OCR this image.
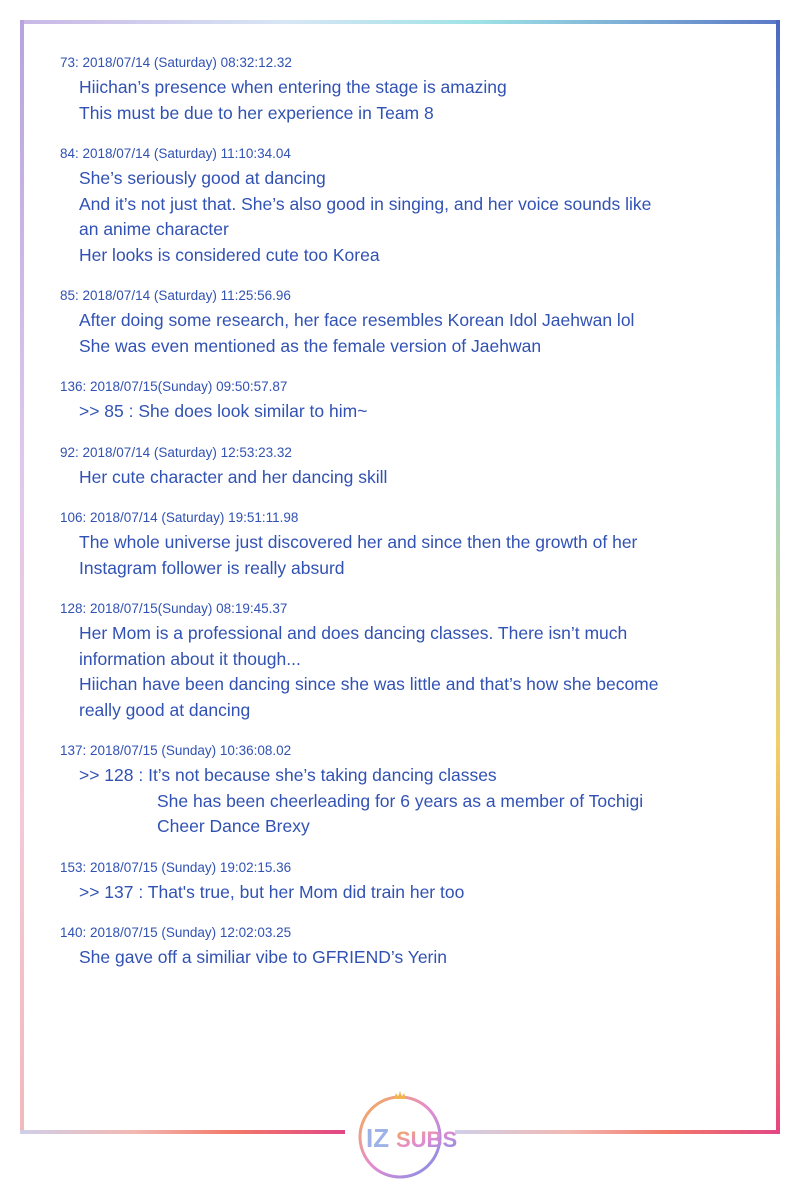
73: 2018/07/14 (Saturday) 08:32:12.32
Hiichan’s presence when entering the stage is amazing
This must be due to her experience in Team 8
84: 2018/07/14 (Saturday) 11:10:34.04
She’s seriously good at dancing
And it’s not just that. She’s also good in singing, and her voice sounds like
an anime character
Her looks is considered cute too Korea
85: 2018/07/14 (Saturday) 11:25:56.96
After doing some research, her face resembles Korean Idol Jaehwan lol
She was even mentioned as the female version of Jaehwan
136: 2018/07/15(Sunday) 09:50:57.87
>> 85 : She does look similar to him~
92: 2018/07/14 (Saturday) 12:53:23.32
Her cute character and her dancing skill
106: 2018/07/14 (Saturday) 19:51:11.98
The whole universe just discovered her and since then the growth of her
Instagram follower is really absurd
128: 2018/07/15(Sunday) 08:19:45.37
Her Mom is a professional and does dancing classes. There isn’t much
information about it though...
Hiichan have been dancing since she was little and that’s how she become
really good at dancing
137: 2018/07/15 (Sunday) 10:36:08.02
>> 128 : It’s not because she’s taking dancing classes
She has been cheerleading for 6 years as a member of Tochigi
Cheer Dance Brexy
153: 2018/07/15 (Sunday) 19:02:15.36
>> 137 : That's true, but her Mom did train her too
140: 2018/07/15 (Sunday) 12:02:03.25
She gave off a similiar vibe to GFRIEND’s Yerin
IZ SUBS
